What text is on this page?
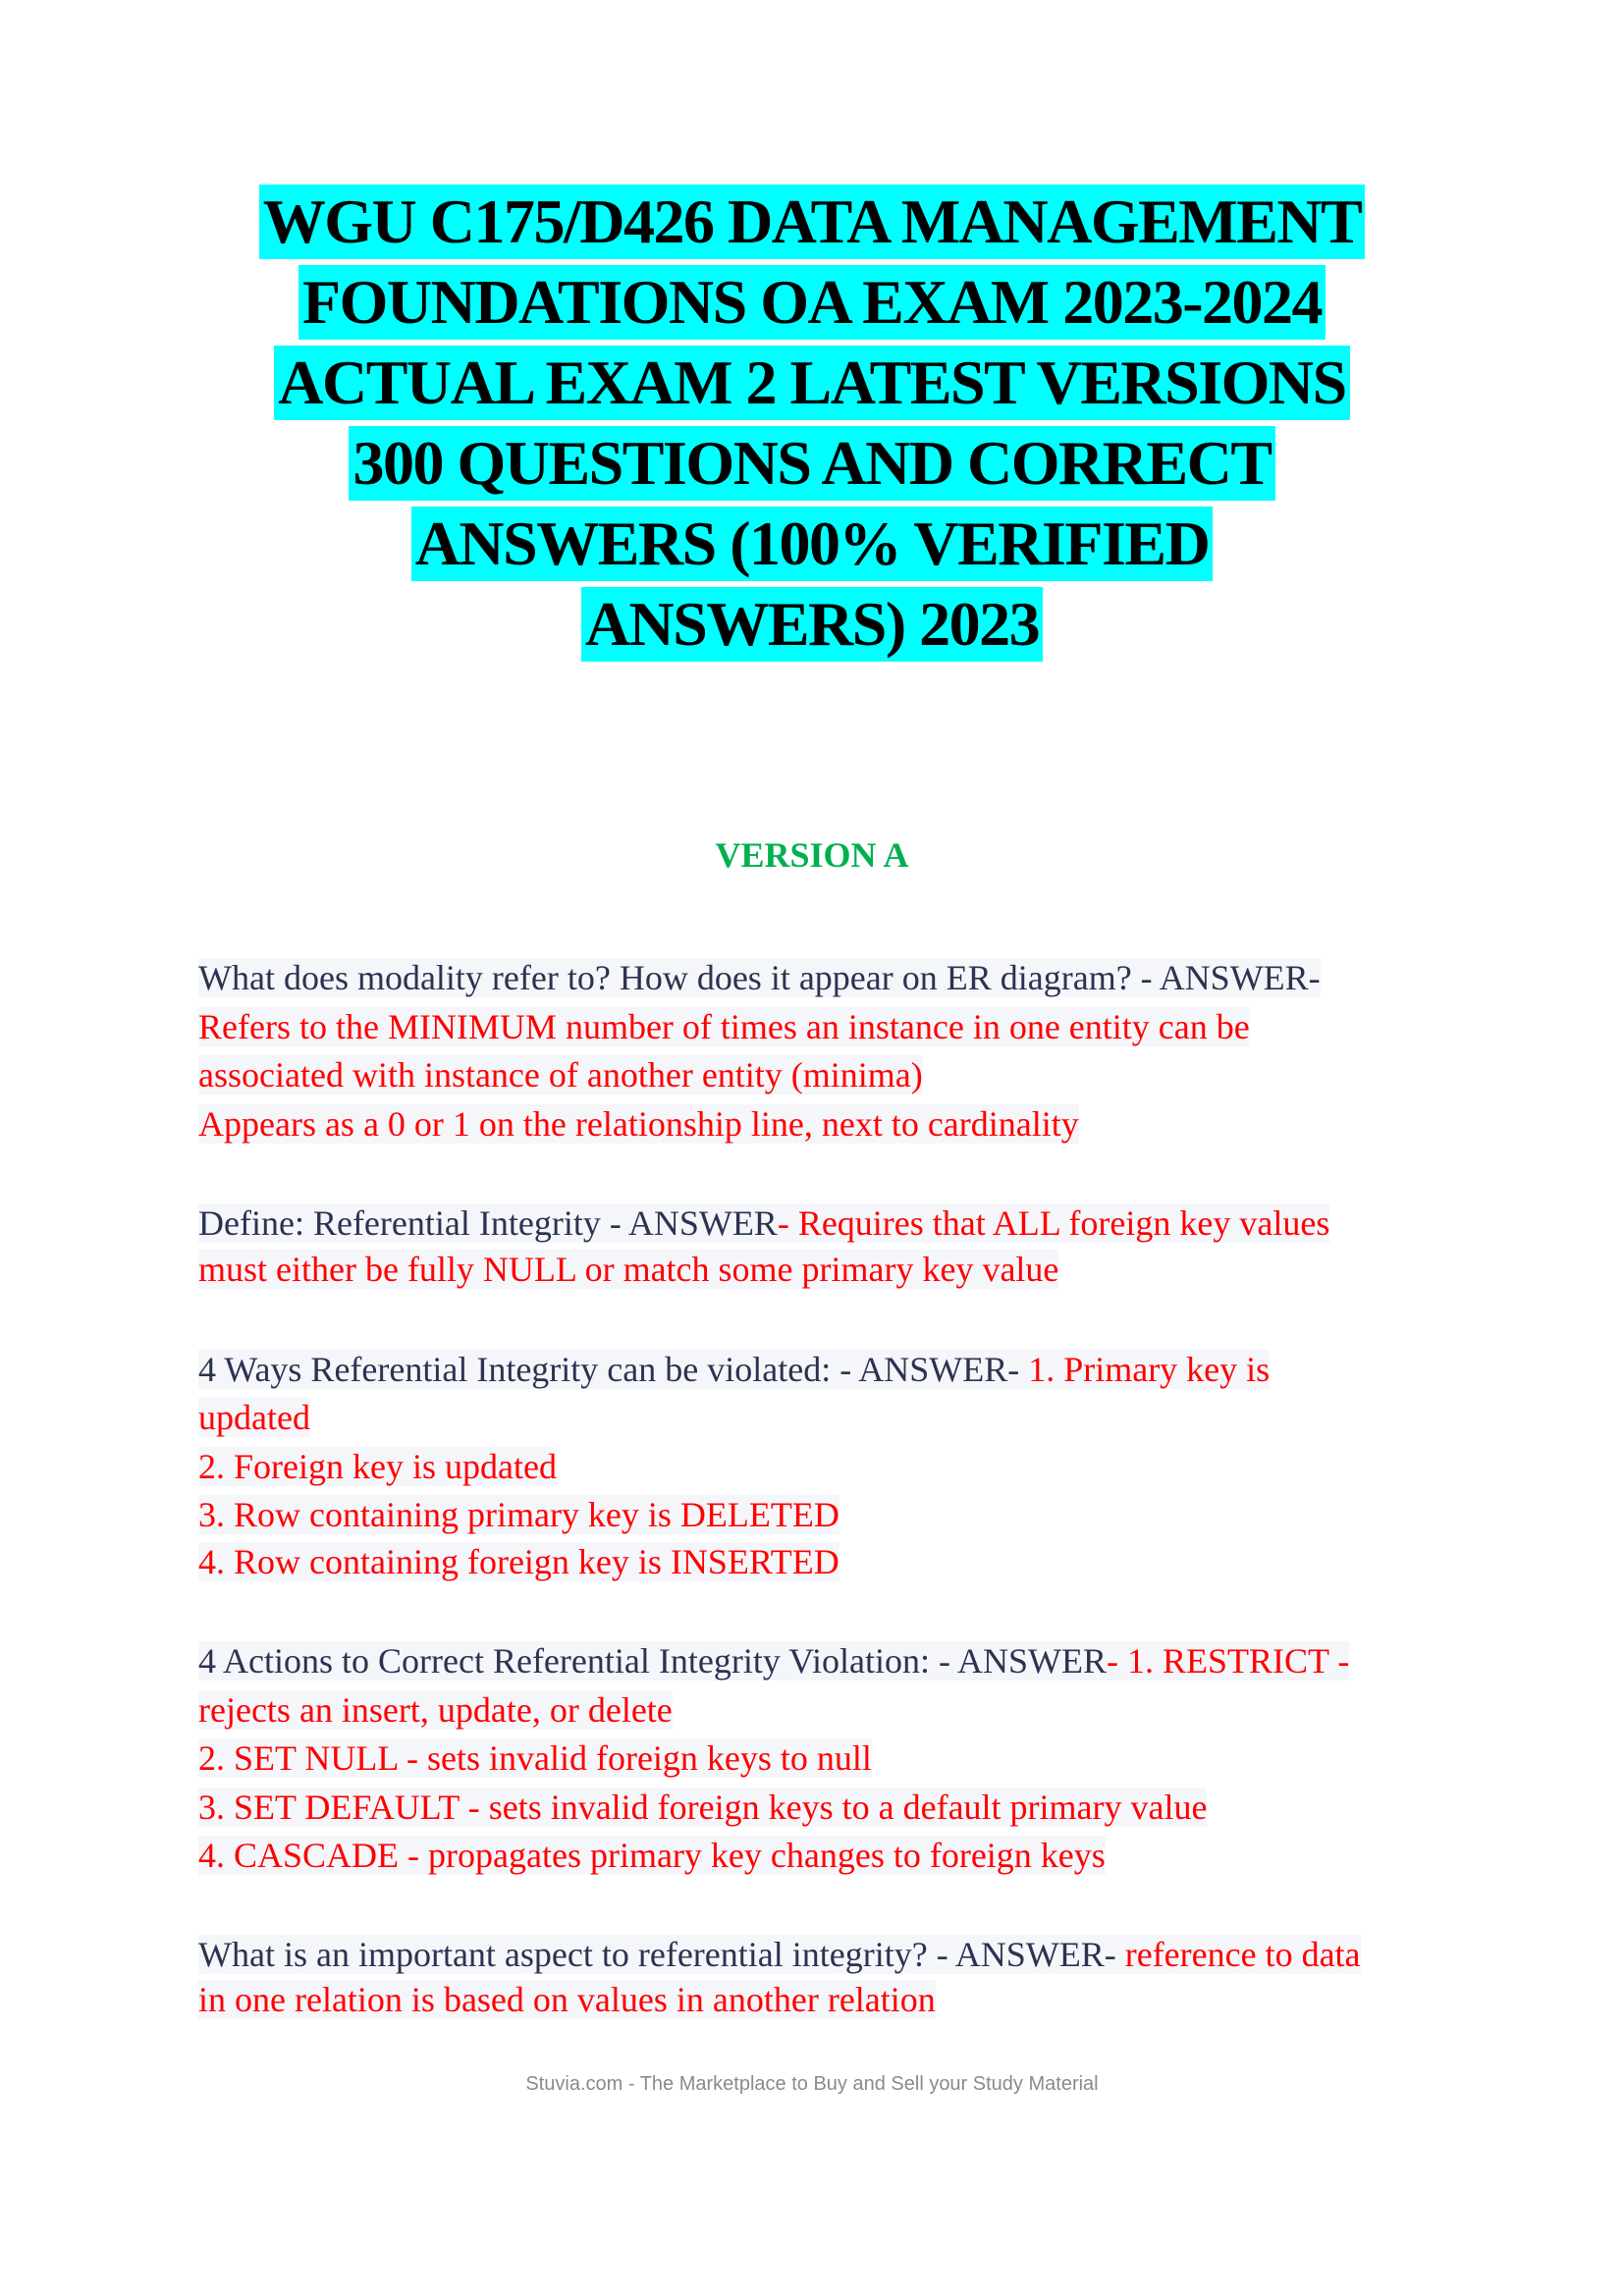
WGU C175/D426 DATA MANAGEMENT
FOUNDATIONS OA EXAM 2023-2024
ACTUAL EXAM 2 LATEST VERSIONS
300 QUESTIONS AND CORRECT
ANSWERS (100% VERIFIED
ANSWERS) 2023
VERSION A
What does modality refer to? How does it appear on ER diagram? - ANSWER-
Refers to the MINIMUM number of times an instance in one entity can be
associated with instance of another entity (minima)
Appears as a 0 or 1 on the relationship line, next to cardinality
Define: Referential Integrity - ANSWER- Requires that ALL foreign key values
must either be fully NULL or match some primary key value
4 Ways Referential Integrity can be violated: - ANSWER- 1. Primary key is
updated
2. Foreign key is updated
3. Row containing primary key is DELETED
4. Row containing foreign key is INSERTED
4 Actions to Correct Referential Integrity Violation: - ANSWER- 1. RESTRICT -
rejects an insert, update, or delete
2. SET NULL - sets invalid foreign keys to null
3. SET DEFAULT - sets invalid foreign keys to a default primary value
4. CASCADE - propagates primary key changes to foreign keys
What is an important aspect to referential integrity? - ANSWER- reference to data
in one relation is based on values in another relation
Stuvia.com - The Marketplace to Buy and Sell your Study Material
